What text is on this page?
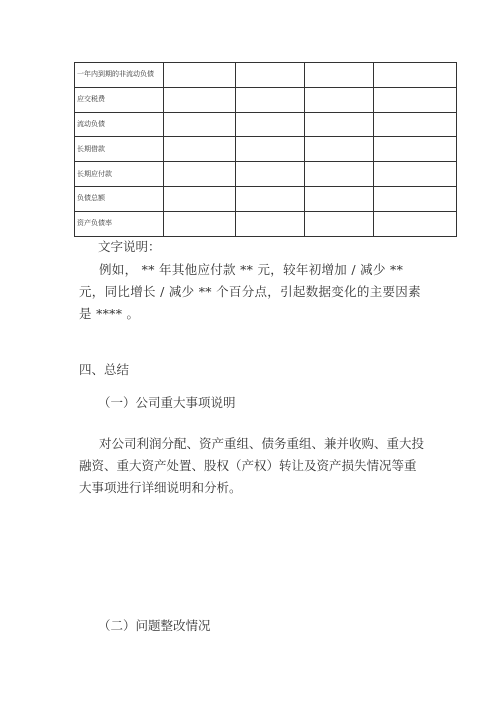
一年内到期的非流动负债				
应交税费				
流动负债				
长期借款				
长期应付款				
负债总额				
资产负债率				
文字说明：
例如， ** 年其他应付款 ** 元，较年初增加 / 减少 ** 元，同比增长 / 减少 ** 个百分点，引起数据变化的主要因素是 **** 。
四、总结
（一）公司重大事项说明
对公司利润分配、资产重组、债务重组、兼并收购、重大投融资、重大资产处置、股权（产权）转让及资产损失情况等重大事项进行详细说明和分析。
（二）问题整改情况
